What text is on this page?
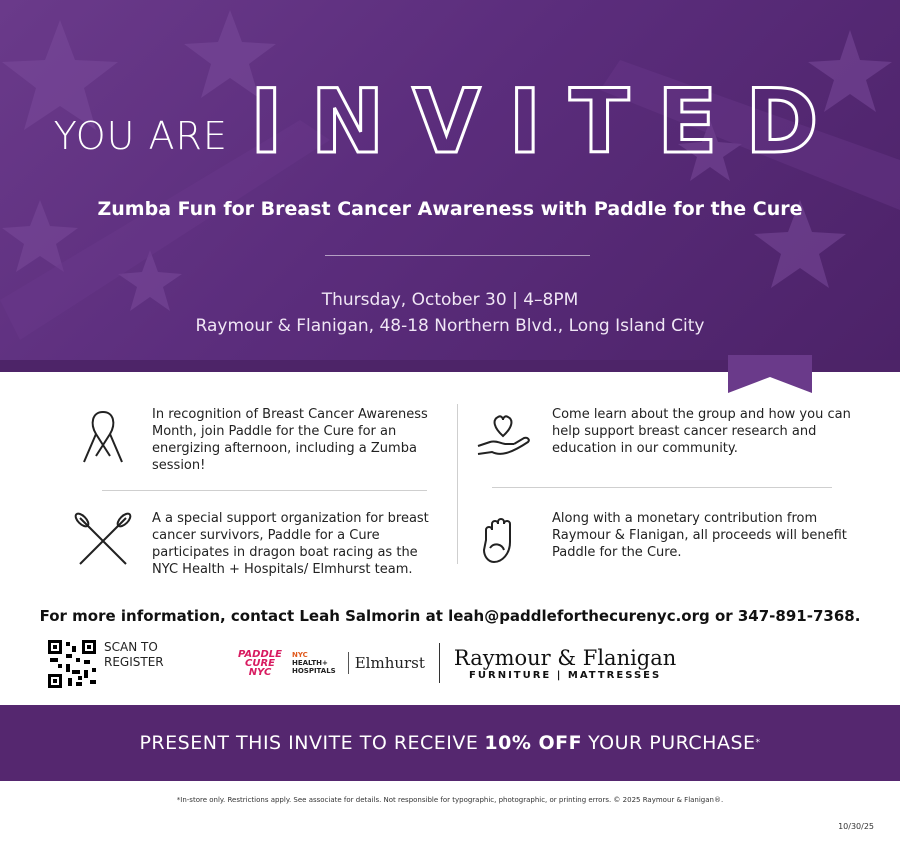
YOU ARE INVITED
Zumba Fun for Breast Cancer Awareness with Paddle for the Cure
Thursday, October 30 | 4–8PM
Raymour & Flanigan, 48-18 Northern Blvd., Long Island City
In recognition of Breast Cancer Awareness Month, join Paddle for the Cure for an energizing afternoon, including a Zumba session!
Come learn about the group and how you can help support breast cancer research and education in our community.
A a special support organization for breast cancer survivors, Paddle for a Cure participates in dragon boat racing as the NYC Health + Hospitals/ Elmhurst team.
Along with a monetary contribution from Raymour & Flanigan, all proceeds will benefit Paddle for the Cure.
For more information, contact Leah Salmorin at leah@paddleforthecurenyc.org or 347-891-7368.
SCAN TO
REGISTER
PADDLE
CURE
NYC
NYC
HEALTH+
HOSPITALS Elmhurst Raymour & Flanigan
FURNITURE | MATTRESSES
PRESENT THIS INVITE TO RECEIVE 10% OFF YOUR PURCHASE *
*In-store only. Restrictions apply. See associate for details. Not responsible for typographic, photographic, or printing errors. © 2025 Raymour & Flanigan®.
10/30/25
